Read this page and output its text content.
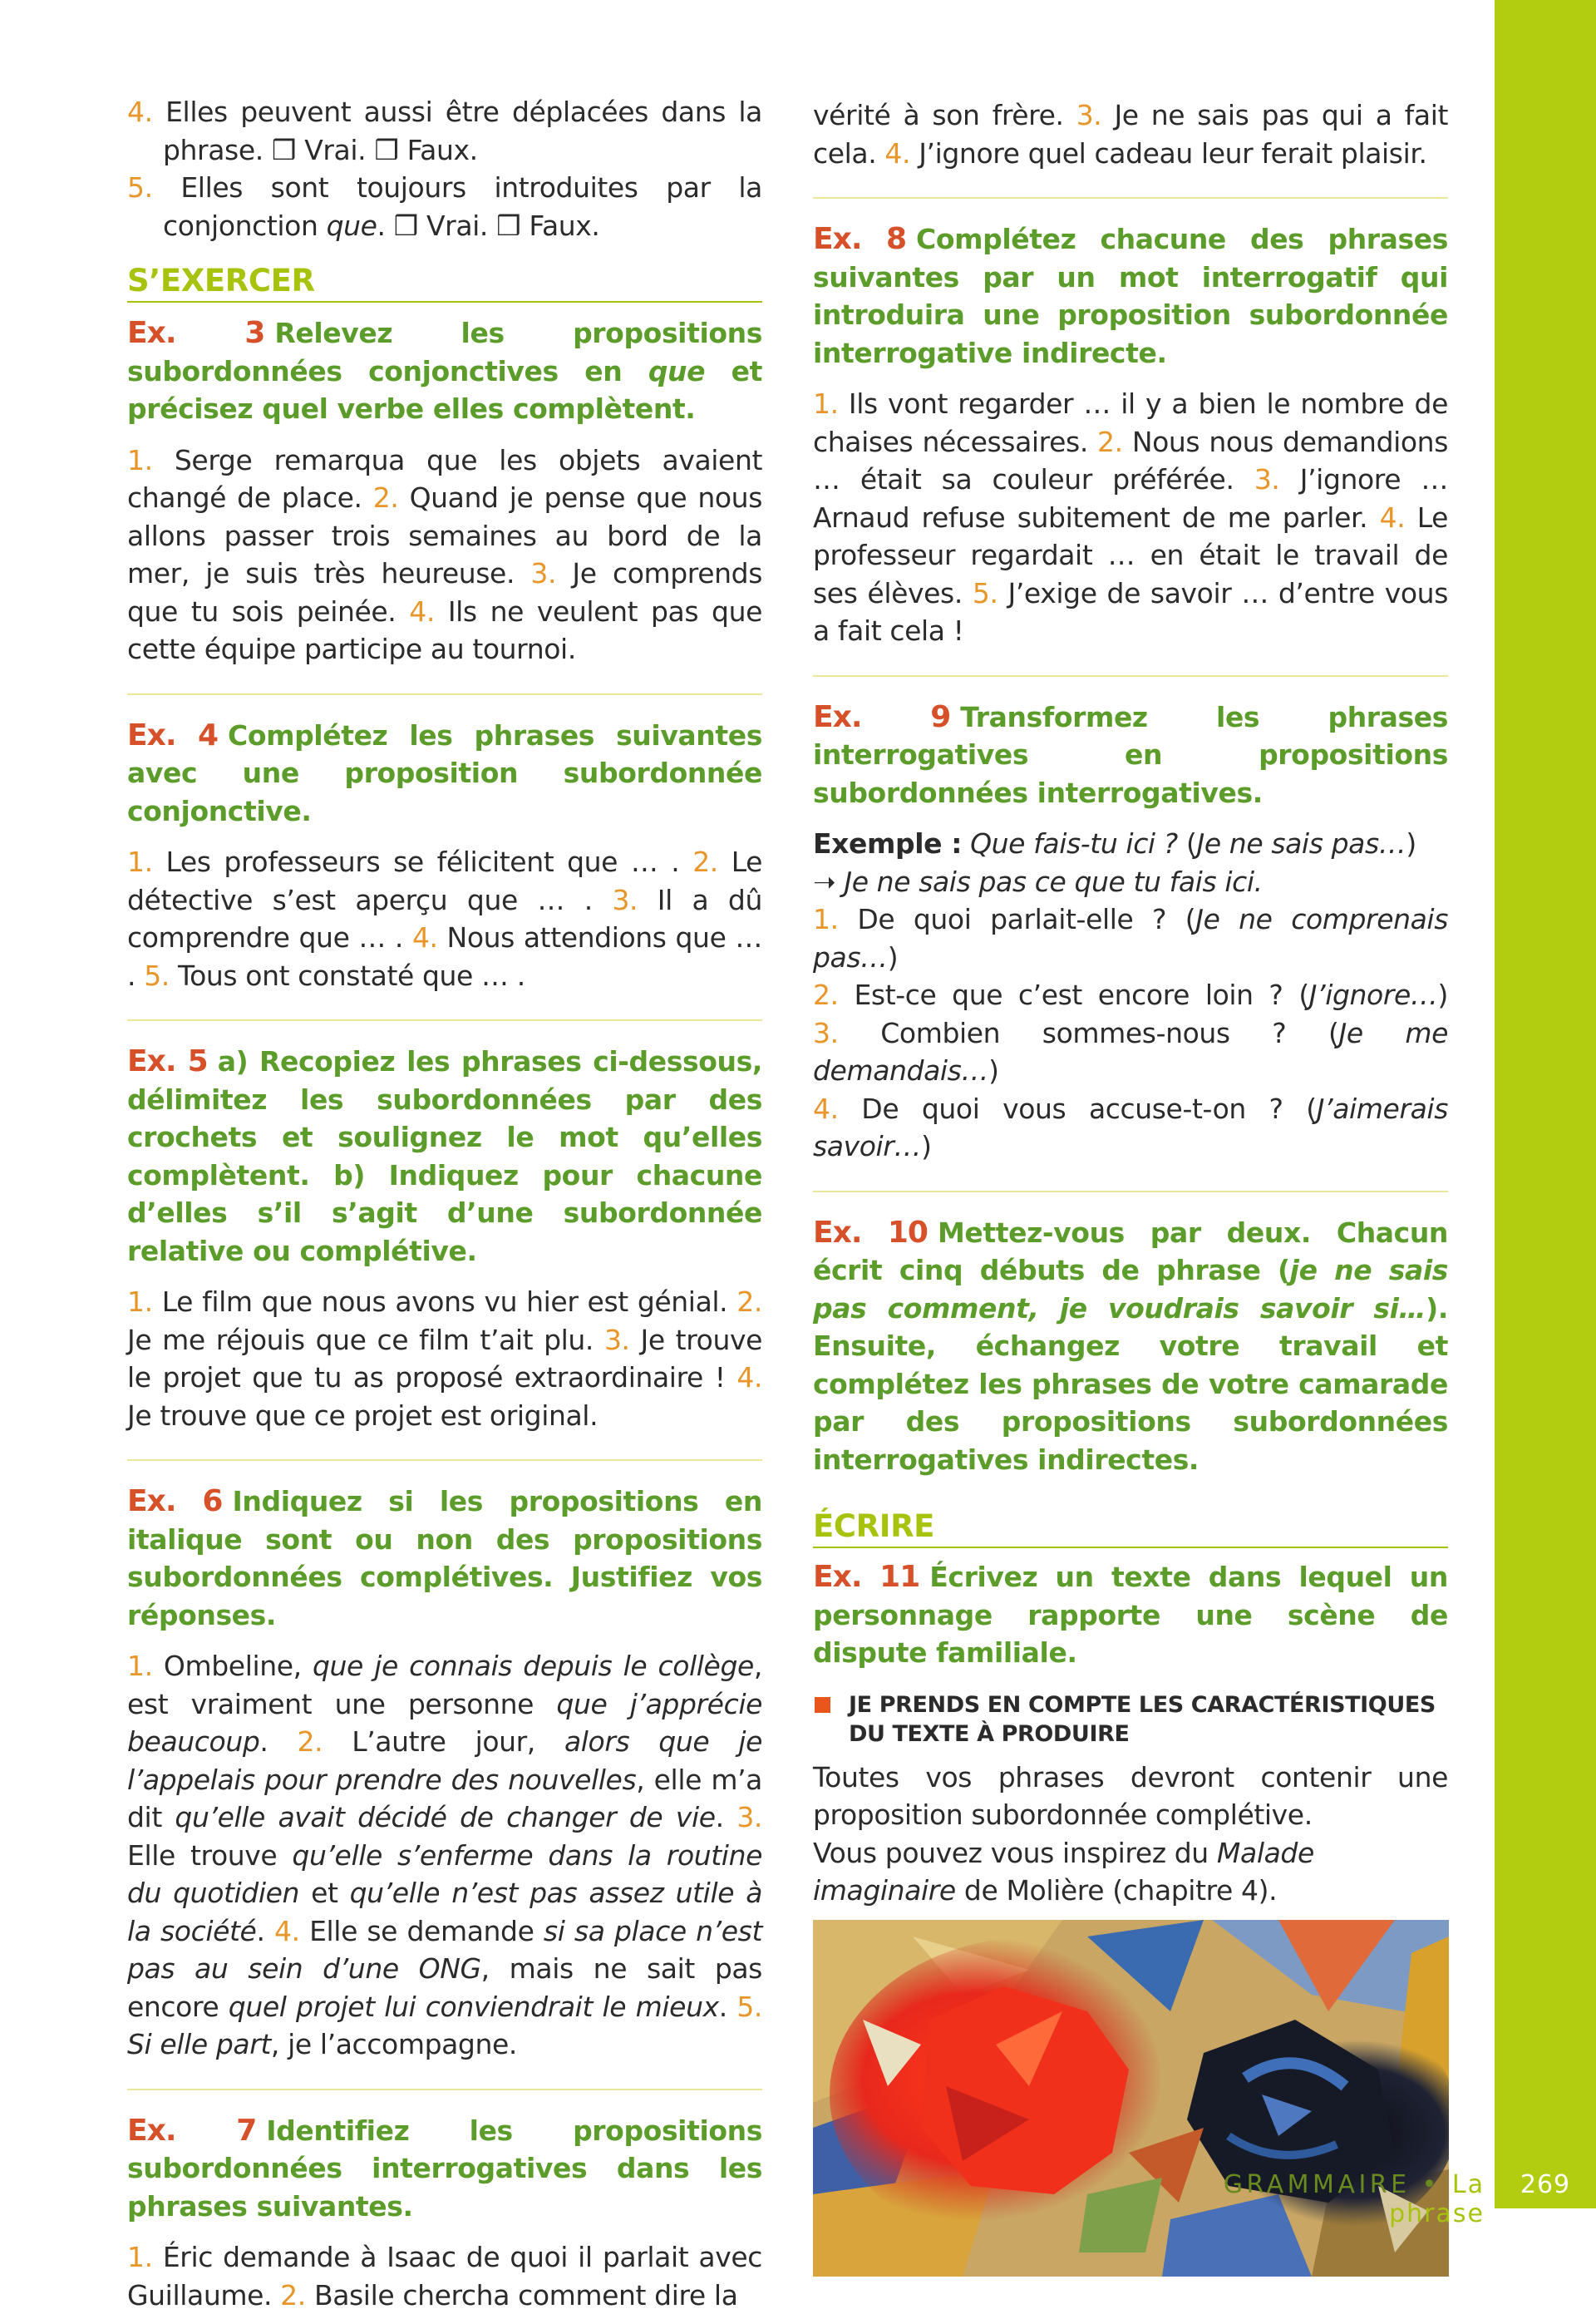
4. Elles peuvent aussi être déplacées dans la phrase. ❒ Vrai. ❒ Faux.

5. Elles sont toujours introduites par la conjonction que. ❒ Vrai. ❒ Faux.

S’EXERCER

Ex. 3 Relevez les propositions subordonnées conjonctives en que et précisez quel verbe elles complètent.

1. Serge remarqua que les objets avaient changé de place. 2. Quand je pense que nous allons passer trois semaines au bord de la mer, je suis très heureuse. 3. Je comprends que tu sois peinée. 4. Ils ne veulent pas que cette équipe participe au tournoi.

Ex. 4 Complétez les phrases suivantes avec une proposition subordonnée conjonctive.

1. Les professeurs se félicitent que … . 2. Le détective s’est aperçu que … . 3. Il a dû comprendre que … . 4. Nous attendions que … . 5. Tous ont constaté que … .

Ex. 5 a) Recopiez les phrases ci-dessous, délimitez les subordonnées par des crochets et soulignez le mot qu’elles complètent. b) Indiquez pour chacune d’elles s’il s’agit d’une subordonnée relative ou complétive.

1. Le film que nous avons vu hier est génial. 2. Je me réjouis que ce film t’ait plu. 3. Je trouve le projet que tu as proposé extraordinaire ! 4. Je trouve que ce projet est original.

Ex. 6 Indiquez si les propositions en italique sont ou non des propositions subordonnées complétives. Justifiez vos réponses.

1. Ombeline, que je connais depuis le collège, est vraiment une personne que j’apprécie beaucoup. 2. L’autre jour, alors que je l’appelais pour prendre des nouvelles, elle m’a dit qu’elle avait décidé de changer de vie. 3. Elle trouve qu’elle s’enferme dans la routine du quotidien et qu’elle n’est pas assez utile à la société. 4. Elle se demande si sa place n’est pas au sein d’une ONG, mais ne sait pas encore quel projet lui conviendrait le mieux. 5. Si elle part, je l’accompagne.

Ex. 7 Identifiez les propositions subordonnées interrogatives dans les phrases suivantes.

1. Éric demande à Isaac de quoi il parlait avec Guillaume. 2. Basile chercha comment dire la

vérité à son frère. 3. Je ne sais pas qui a fait cela. 4. J’ignore quel cadeau leur ferait plaisir.

Ex. 8 Complétez chacune des phrases suivantes par un mot interrogatif qui introduira une proposition subordonnée interrogative indirecte.

1. Ils vont regarder … il y a bien le nombre de chaises nécessaires. 2. Nous nous demandions … était sa couleur préférée. 3. J’ignore … Arnaud refuse subitement de me parler. 4. Le professeur regardait … en était le travail de ses élèves. 5. J’exige de savoir … d’entre vous a fait cela !

Ex. 9 Transformez les phrases interrogatives en propositions subordonnées interrogatives.

Exemple : Que fais-tu ici ? (Je ne sais pas…)
➝ Je ne sais pas ce que tu fais ici.

1. De quoi parlait-elle ? (Je ne comprenais pas…)

2. Est-ce que c’est encore loin ? (J’ignore…)

3. Combien sommes-nous ? (Je me demandais…)

4. De quoi vous accuse-t-on ? (J’aimerais savoir…)

Ex. 10 Mettez-vous par deux. Chacun écrit cinq débuts de phrase (je ne sais pas comment, je voudrais savoir si…). Ensuite, échangez votre travail et complétez les phrases de votre camarade par des propositions subordonnées interrogatives indirectes.

ÉCRIRE

Ex. 11 Écrivez un texte dans lequel un personnage rapporte une scène de dispute familiale.

JE PRENDS EN COMPTE LES CARACTÉRISTIQUES DU TEXTE À PRODUIRE

Toutes vos phrases devront contenir une proposition subordonnée complétive.

Vous pouvez vous inspirez du Malade imaginaire de Molière (chapitre 4).

GRAMMAIRE • La phrase
269
